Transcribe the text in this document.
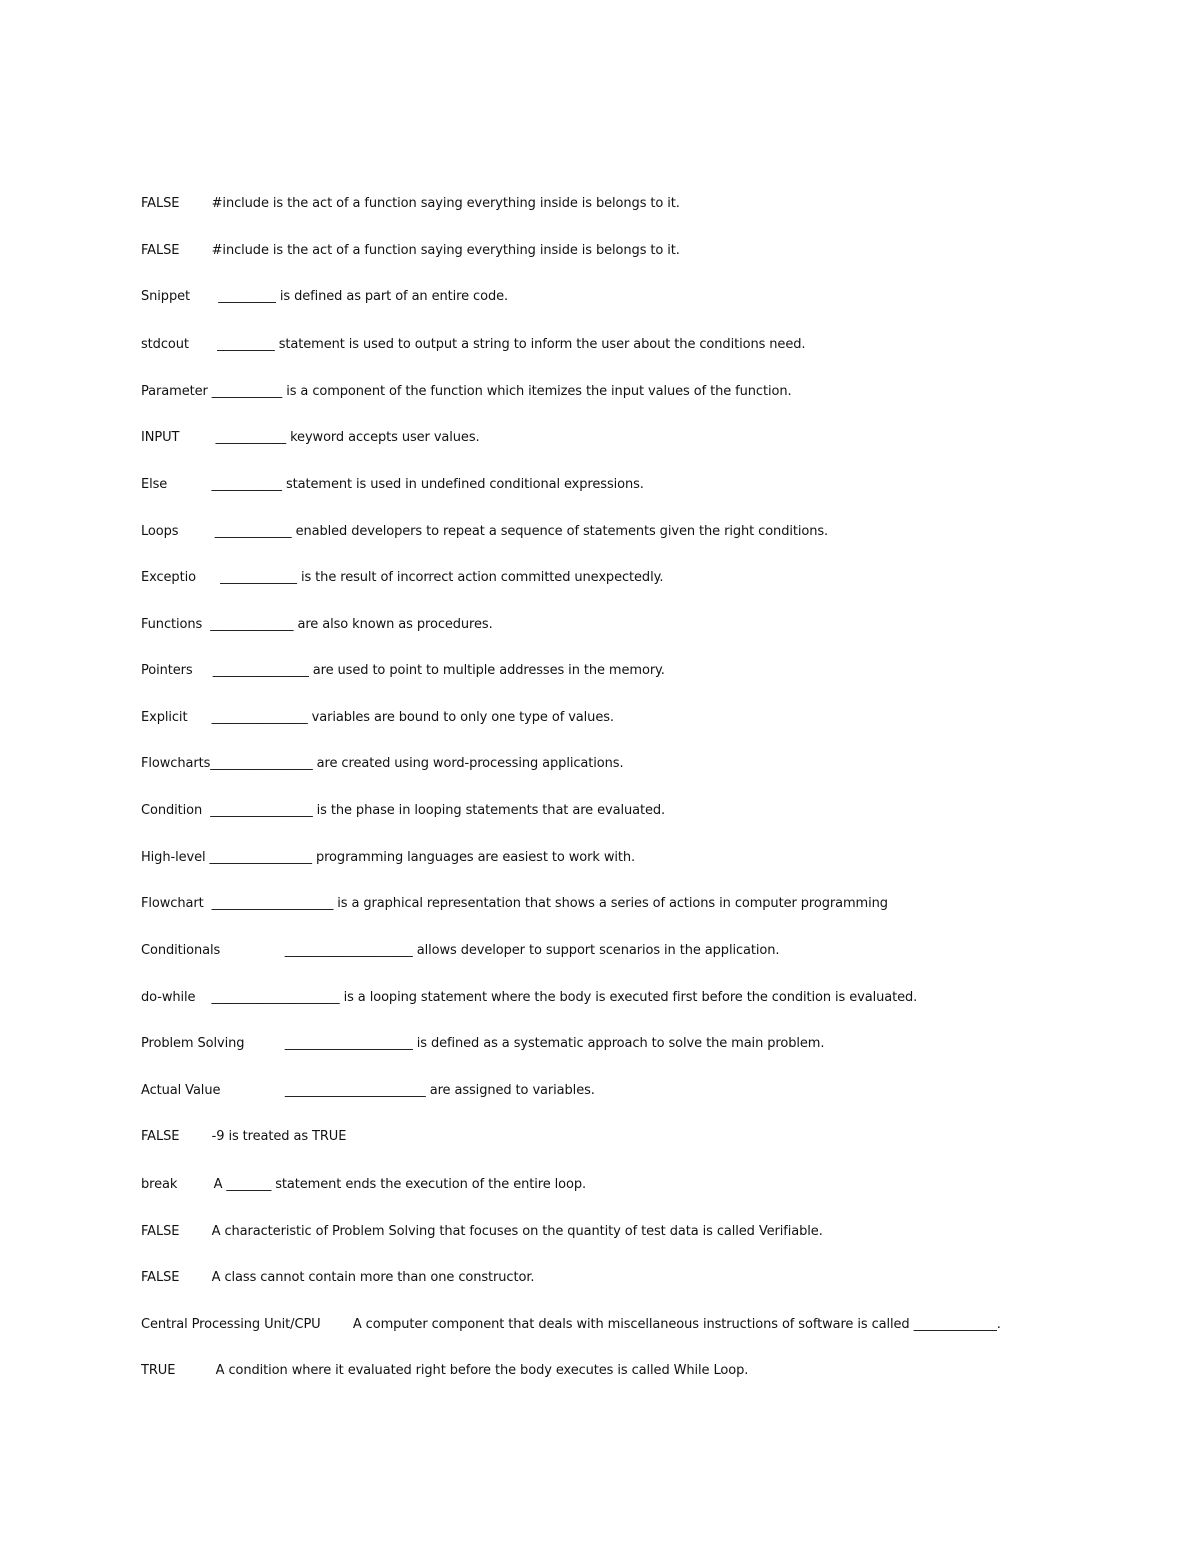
FALSE        #include is the act of a function saying everything inside is belongs to it.
FALSE        #include is the act of a function saying everything inside is belongs to it.
Snippet       _________ is defined as part of an entire code.
stdcout       _________ statement is used to output a string to inform the user about the conditions need.
Parameter ___________ is a component of the function which itemizes the input values of the function.
INPUT         ___________ keyword accepts user values.
Else           ___________ statement is used in undefined conditional expressions.
Loops         ____________ enabled developers to repeat a sequence of statements given the right conditions.
Exceptio      ____________ is the result of incorrect action committed unexpectedly.
Functions  _____________ are also known as procedures.
Pointers     _______________ are used to point to multiple addresses in the memory.
Explicit      _______________ variables are bound to only one type of values.
Flowcharts________________ are created using word-processing applications.
Condition  ________________ is the phase in looping statements that are evaluated.
High-level ________________ programming languages are easiest to work with.
Flowchart  ___________________ is a graphical representation that shows a series of actions in computer programming
Conditionals                ____________________ allows developer to support scenarios in the application.
do-while    ____________________ is a looping statement where the body is executed first before the condition is evaluated.
Problem Solving          ____________________ is defined as a systematic approach to solve the main problem.
Actual Value                ______________________ are assigned to variables.
FALSE        -9 is treated as TRUE
break         A _______ statement ends the execution of the entire loop.
FALSE        A characteristic of Problem Solving that focuses on the quantity of test data is called Verifiable.
FALSE        A class cannot contain more than one constructor.
Central Processing Unit/CPU        A computer component that deals with miscellaneous instructions of software is called _____________.
TRUE          A condition where it evaluated right before the body executes is called While Loop.
